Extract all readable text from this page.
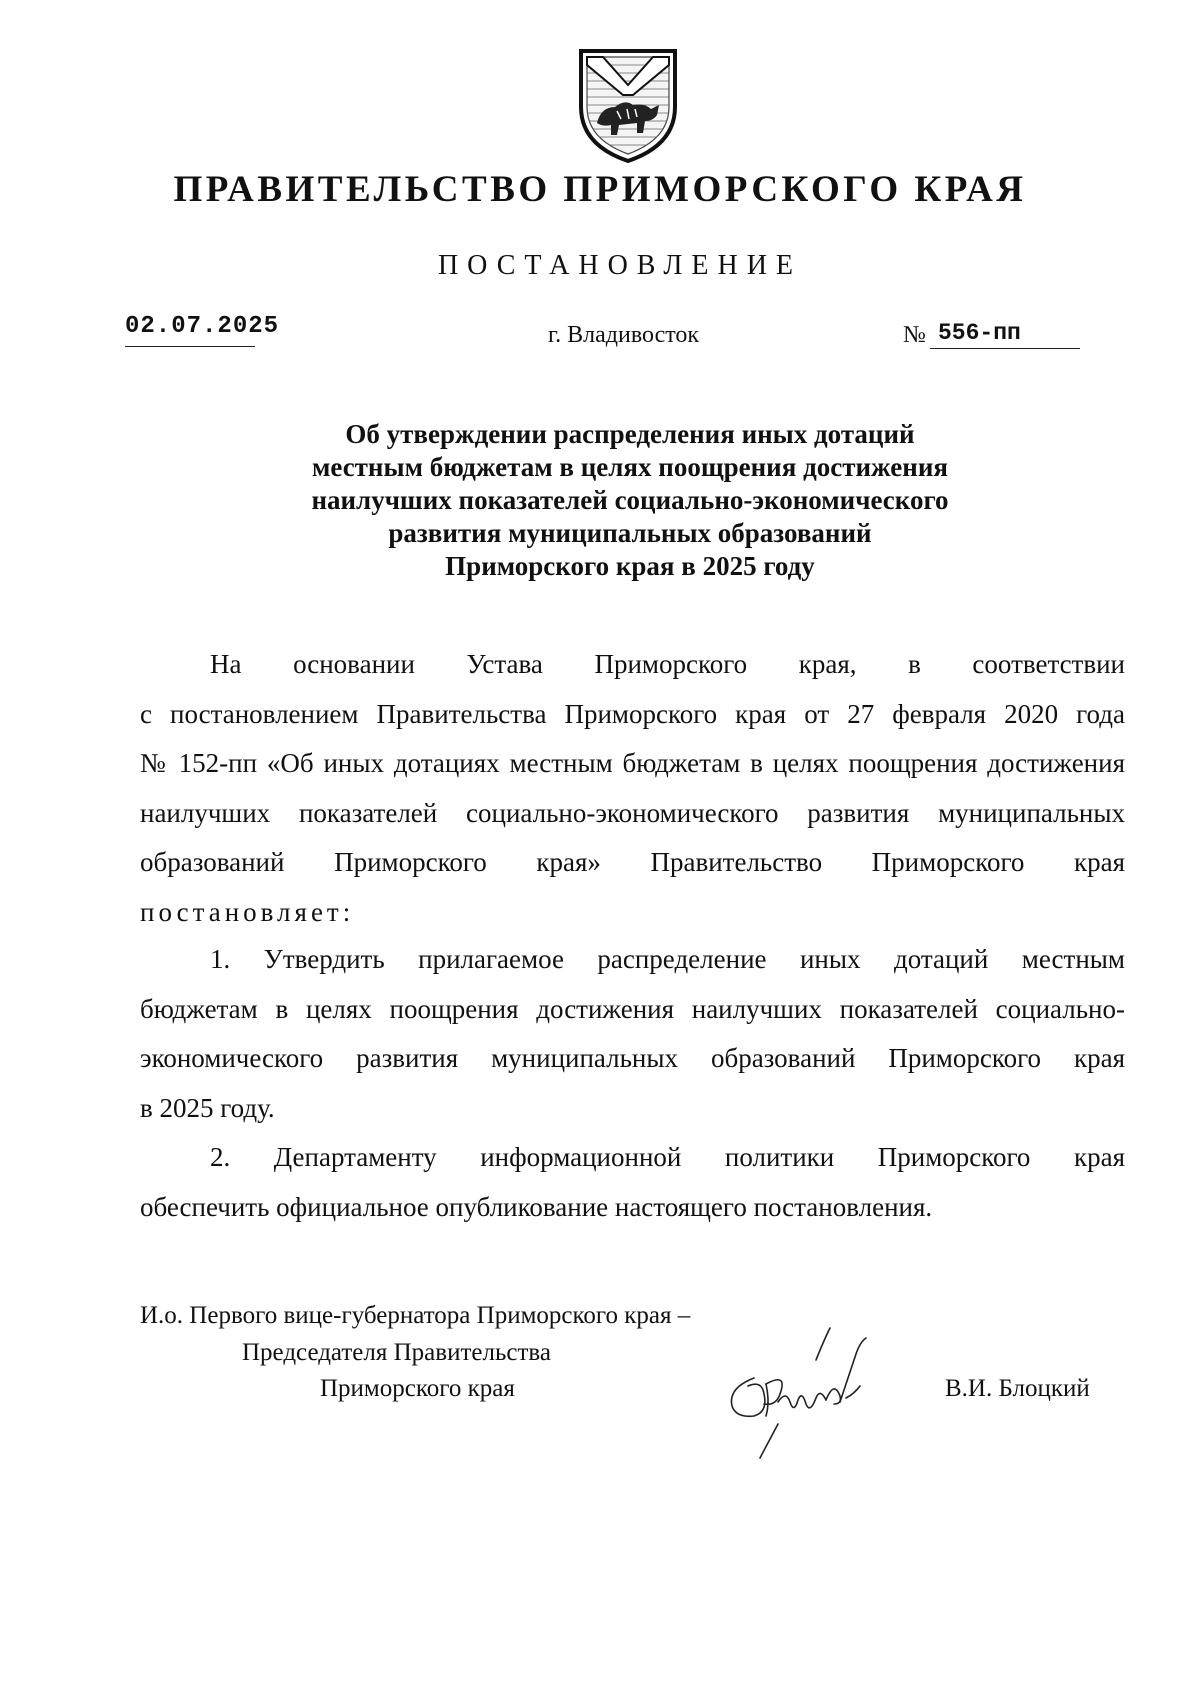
ПРАВИТЕЛЬСТВО ПРИМОРСКОГО КРАЯ
ПОСТАНОВЛЕНИЕ
02.07.2025	г. Владивосток	№ 556-пп
Об утверждении распределения иных дотаций
местным бюджетам в целях поощрения достижения
наилучших показателей социально-экономического
развития муниципальных образований
Приморского края в 2025 году
На основании Устава Приморского края, в соответствии
с постановлением Правительства Приморского края от 27 февраля 2020 года
№ 152-пп «Об иных дотациях местным бюджетам в целях поощрения достижения
наилучших показателей социально-экономического развития муниципальных
образований Приморского края» Правительство Приморского края
постановляет:
1. Утвердить прилагаемое распределение иных дотаций местным
бюджетам в целях поощрения достижения наилучших показателей социально-
экономического развития муниципальных образований Приморского края
в 2025 году.
2. Департаменту информационной политики Приморского края
обеспечить официальное опубликование настоящего постановления.
И.о. Первого вице-губернатора Приморского края –
Председателя Правительства
Приморского края	В.И. Блоцкий
